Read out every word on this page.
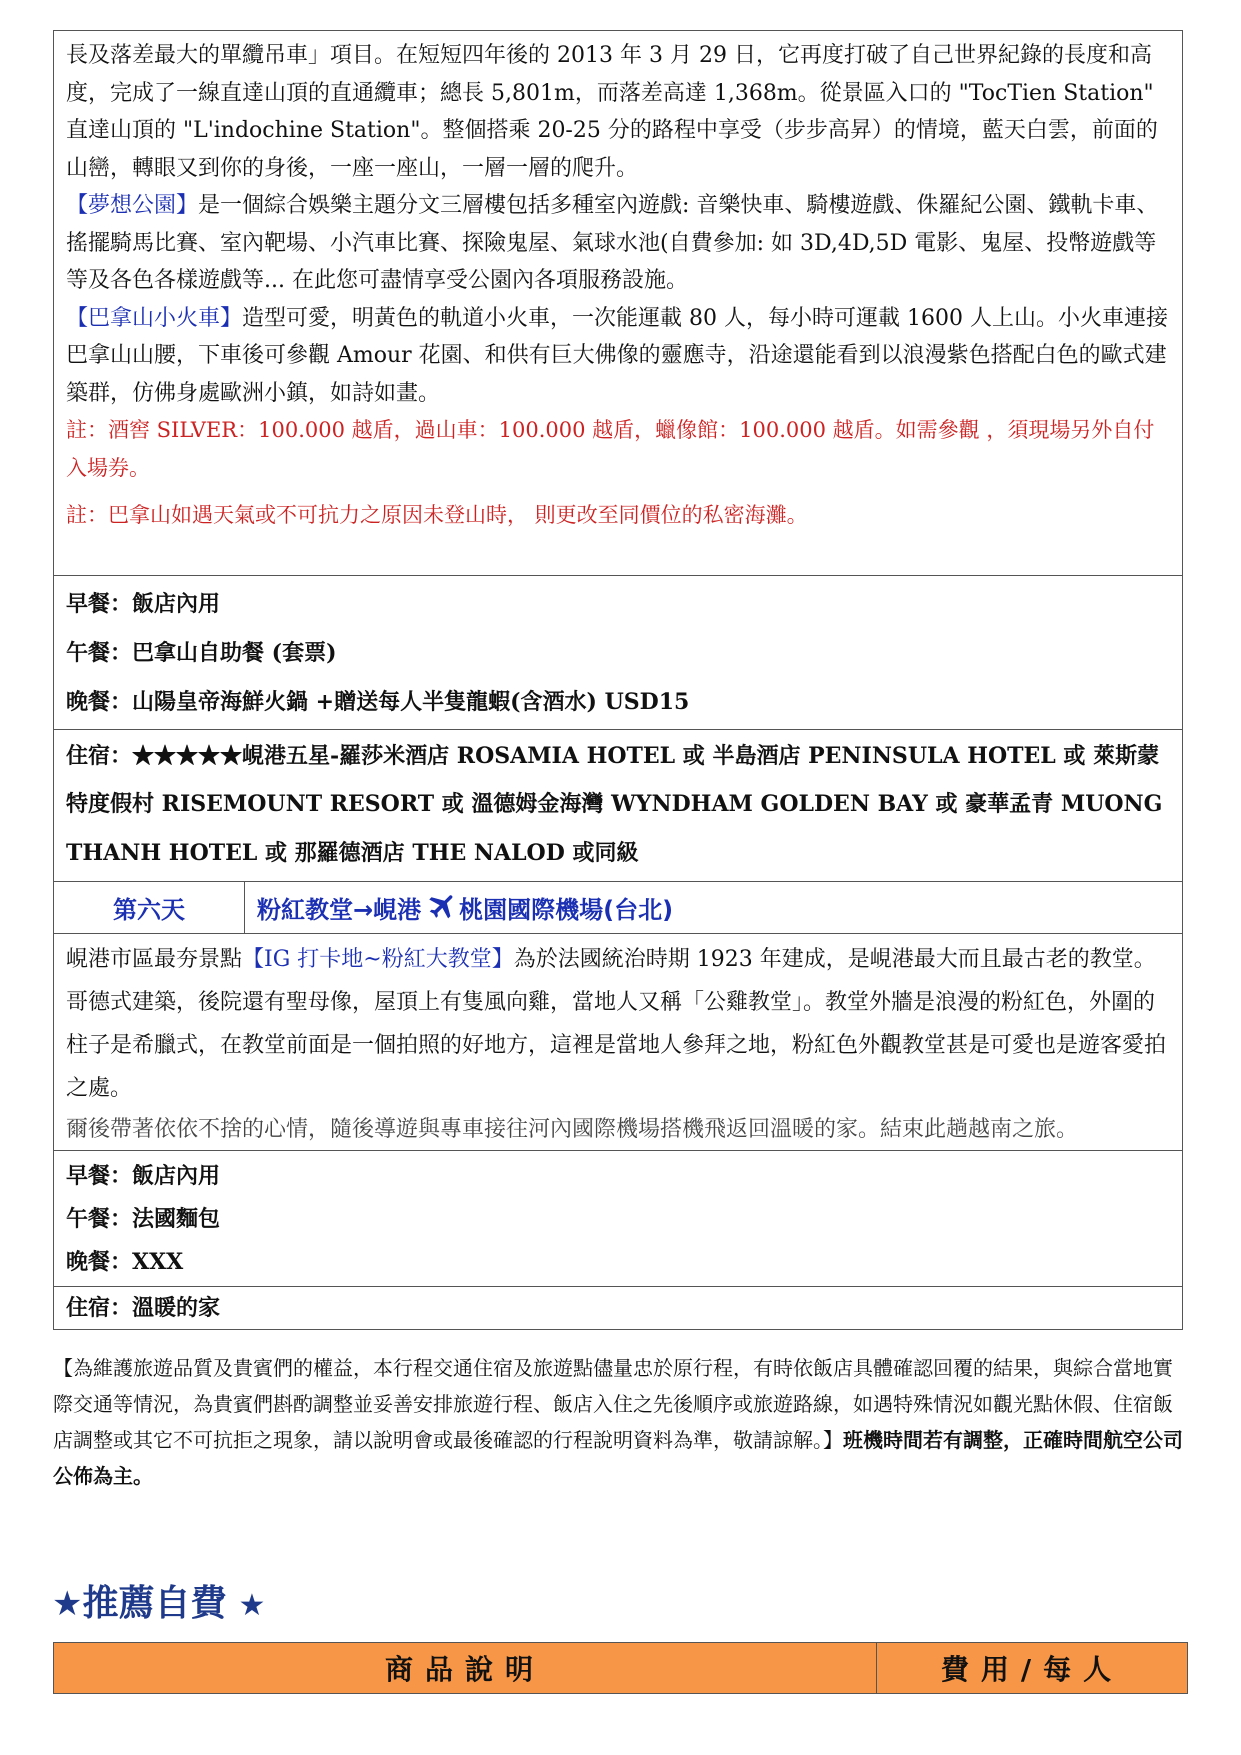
長及落差最大的單纜吊車」項目。在短短四年後的 2013 年 3 月 29 日，它再度打破了自己世界紀錄的長度和高度，完成了一線直達山頂的直通纜車；總長 5,801m，而落差高達 1,368m。從景區入口的 "TocTien Station" 直達山頂的 "L'indochine Station"。整個搭乘 20-25 分的路程中享受（步步高昇）的情境，藍天白雲，前面的山巒，轉眼又到你的身後，一座一座山，一層一層的爬升。

【夢想公園】是一個綜合娛樂主題分文三層樓包括多種室內遊戲: 音樂快車、騎樓遊戲、侏羅紀公園、鐵軌卡車、搖擺騎馬比賽、室內靶場、小汽車比賽、探險鬼屋、氣球水池(自費參加: 如 3D,4D,5D 電影、鬼屋、投幣遊戲等等及各色各樣遊戲等... 在此您可盡情享受公園內各項服務設施。

【巴拿山小火車】造型可愛，明黃色的軌道小火車，一次能運載 80 人，每小時可運載 1600 人上山。小火車連接巴拿山山腰，下車後可參觀 Amour 花園、和供有巨大佛像的靈應寺，沿途還能看到以浪漫紫色搭配白色的歐式建築群，仿佛身處歐洲小鎮，如詩如畫。

註：酒窖 SILVER：100.000 越盾，過山車：100.000 越盾，蠟像館：100.000 越盾。如需參觀 ，須現場另外自付入場券。

註：巴拿山如遇天氣或不可抗力之原因未登山時， 則更改至同價位的私密海灘。

早餐：飯店內用
午餐：巴拿山自助餐 (套票)
晚餐：山陽皇帝海鮮火鍋 +贈送每人半隻龍蝦(含酒水) USD15
住宿：★★★★★峴港五星-羅莎米酒店 ROSAMIA HOTEL 或 半島酒店 PENINSULA HOTEL 或 萊斯蒙特度假村 RISEMOUNT RESORT 或 溫德姆金海灣 WYNDHAM GOLDEN BAY 或 豪華孟青 MUONG THANH HOTEL 或 那羅德酒店 THE NALOD 或同級
第六天	粉紅教堂→峴港 桃園國際機場(台北)

峴港市區最夯景點【IG 打卡地~粉紅大教堂】為於法國統治時期 1923 年建成，是峴港最大而且最古老的教堂。哥德式建築，後院還有聖母像，屋頂上有隻風向雞，當地人又稱「公雞教堂」。教堂外牆是浪漫的粉紅色，外圍的柱子是希臘式，在教堂前面是一個拍照的好地方，這裡是當地人參拜之地，粉紅色外觀教堂甚是可愛也是遊客愛拍之處。

爾後帶著依依不捨的心情，隨後導遊與專車接往河內國際機場搭機飛返回溫暖的家。結束此趟越南之旅。

早餐：飯店內用
午餐：法國麵包
晚餐：XXX
住宿：溫暖的家
【為維護旅遊品質及貴賓們的權益，本行程交通住宿及旅遊點儘量忠於原行程，有時依飯店具體確認回覆的結果，與綜合當地實際交通等情況，為貴賓們斟酌調整並妥善安排旅遊行程、飯店入住之先後順序或旅遊路線，如遇特殊情況如觀光點休假、住宿飯店調整或其它不可抗拒之現象，請以說明會或最後確認的行程說明資料為準，敬請諒解。】班機時間若有調整，正確時間航空公司公佈為主。
★推薦自費 ★
商品說明	費用/每人
